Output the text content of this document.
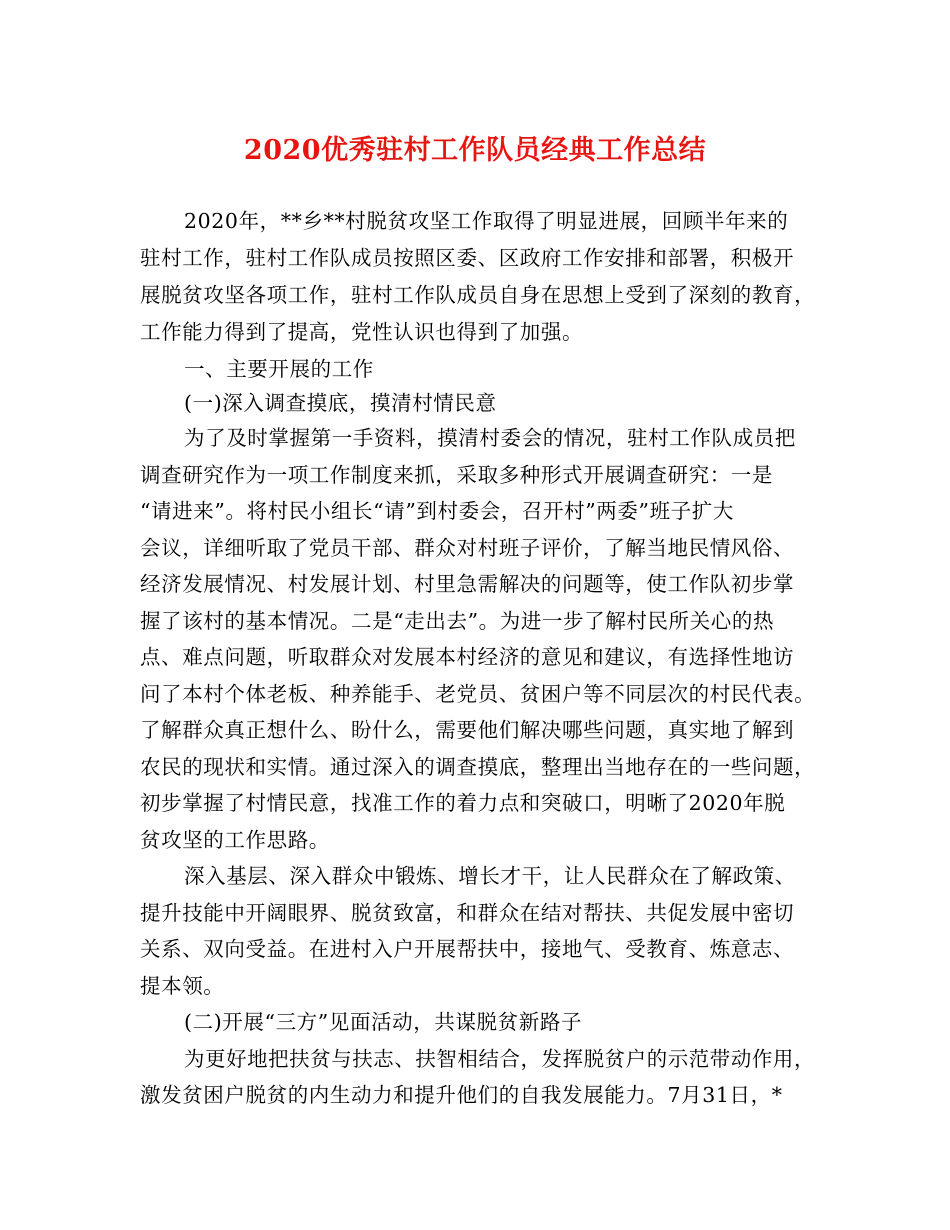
2020优秀驻村工作队员经典工作总结
2020年，**乡**村脱贫攻坚工作取得了明显进展，回顾半年来的
驻村工作，驻村工作队成员按照区委、区政府工作安排和部署，积极开
展脱贫攻坚各项工作，驻村工作队成员自身在思想上受到了深刻的教育，
工作能力得到了提高，党性认识也得到了加强。
一、主要开展的工作
(一)深入调查摸底，摸清村情民意
为了及时掌握第一手资料，摸清村委会的情况，驻村工作队成员把
调查研究作为一项工作制度来抓，采取多种形式开展调查研究：一是
“请进来”。将村民小组长“请”到村委会，召开村”两委”班子扩大
会议，详细听取了党员干部、群众对村班子评价，了解当地民情风俗、
经济发展情况、村发展计划、村里急需解决的问题等，使工作队初步掌
握了该村的基本情况。二是“走出去”。为进一步了解村民所关心的热
点、难点问题，听取群众对发展本村经济的意见和建议，有选择性地访
问了本村个体老板、种养能手、老党员、贫困户等不同层次的村民代表。
了解群众真正想什么、盼什么，需要他们解决哪些问题，真实地了解到
农民的现状和实情。通过深入的调查摸底，整理出当地存在的一些问题，
初步掌握了村情民意，找准工作的着力点和突破口，明晰了2020年脱
贫攻坚的工作思路。
深入基层、深入群众中锻炼、增长才干，让人民群众在了解政策、
提升技能中开阔眼界、脱贫致富，和群众在结对帮扶、共促发展中密切
关系、双向受益。在进村入户开展帮扶中，接地气、受教育、炼意志、
提本领。
(二)开展“三方”见面活动，共谋脱贫新路子
为更好地把扶贫与扶志、扶智相结合，发挥脱贫户的示范带动作用，
激发贫困户脱贫的内生动力和提升他们的自我发展能力。7月31日，*
